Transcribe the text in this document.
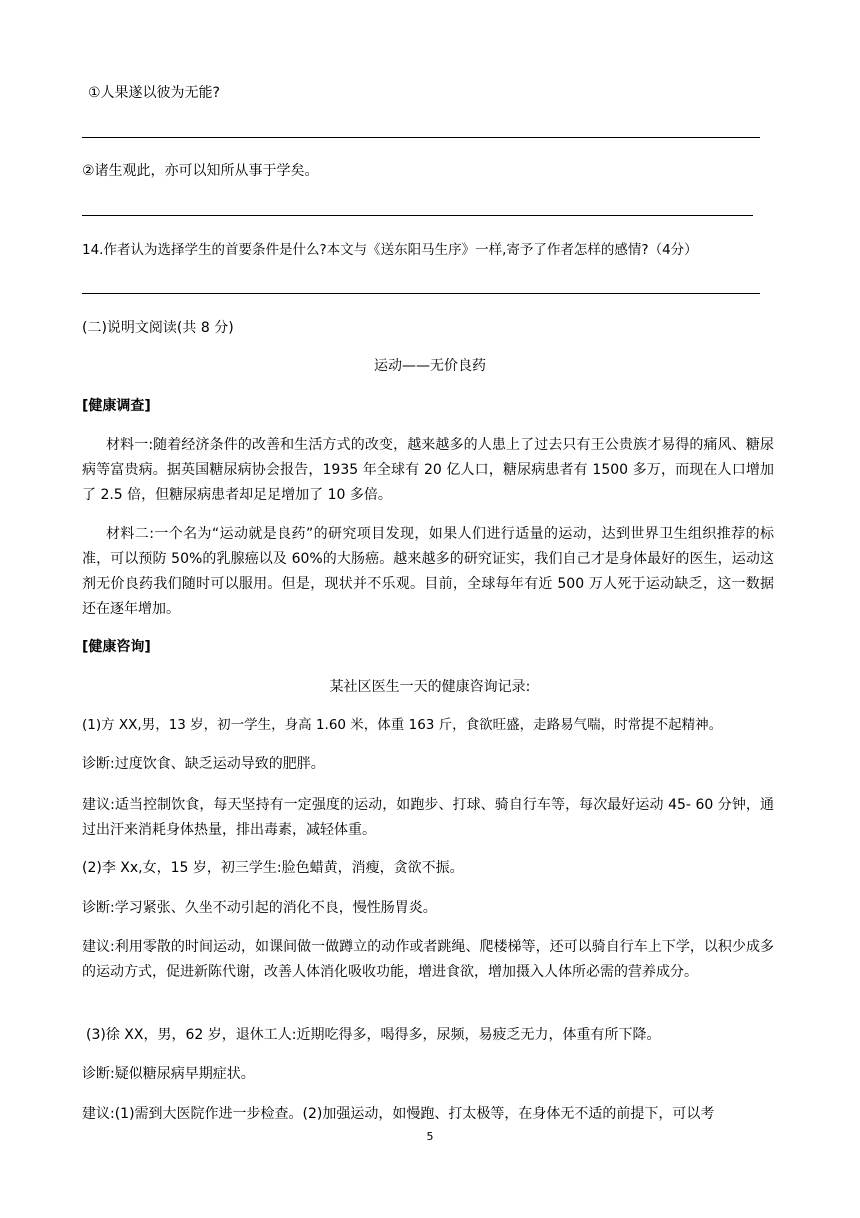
①人果遂以彼为无能?

②诸生观此，亦可以知所从事于学矣。

14.作者认为选择学生的首要条件是什么?本文与《送东阳马生序》一样,寄予了作者怎样的感情?（4分）

(二)说明文阅读(共 8 分)

运动——无价良药

[健康调查]

材料一:随着经济条件的改善和生活方式的改变，越来越多的人患上了过去只有王公贵族才易得的痛风、糖尿病等富贵病。据英国糖尿病协会报告，1935 年全球有 20 亿人口，糖尿病患者有 1500 多万，而现在人口增加了 2.5 倍，但糖尿病患者却足足增加了 10 多倍。

材料二:一个名为“运动就是良药”的研究项目发现，如果人们进行适量的运动，达到世界卫生组织推荐的标准，可以预防 50%的乳腺癌以及 60%的大肠癌。越来越多的研究证实，我们自己才是身体最好的医生，运动这剂无价良药我们随时可以服用。但是，现状并不乐观。目前，全球每年有近 500 万人死于运动缺乏，这一数据还在逐年增加。

[健康咨询]

某社区医生一天的健康咨询记录:

(1)方 XX,男，13 岁，初一学生，身高 1.60 米，体重 163 斤，食欲旺盛，走路易气喘，时常提不起精神。

诊断:过度饮食、缺乏运动导致的肥胖。

建议:适当控制饮食，每天坚持有一定强度的运动，如跑步、打球、骑自行车等，每次最好运动 45- 60 分钟，通过出汗来消耗身体热量，排出毒素，减轻体重。

(2)李 Xx,女，15 岁，初三学生:脸色蜡黄，消瘦，贪欲不振。

诊断:学习紧张、久坐不动引起的消化不良，慢性肠胃炎。

建议:利用零散的时间运动，如课间做一做蹲立的动作或者跳绳、爬楼梯等，还可以骑自行车上下学，以积少成多的运动方式，促进新陈代谢，改善人体消化吸收功能，增进食欲，增加摄入人体所必需的营养成分。

(3)徐 XX，男，62 岁，退休工人:近期吃得多，喝得多，尿频，易疲乏无力，体重有所下降。

诊断:疑似糖尿病早期症状。

建议:(1)需到大医院作进一步检查。(2)加强运动，如慢跑、打太极等，在身体无不适的前提下，可以考

5
